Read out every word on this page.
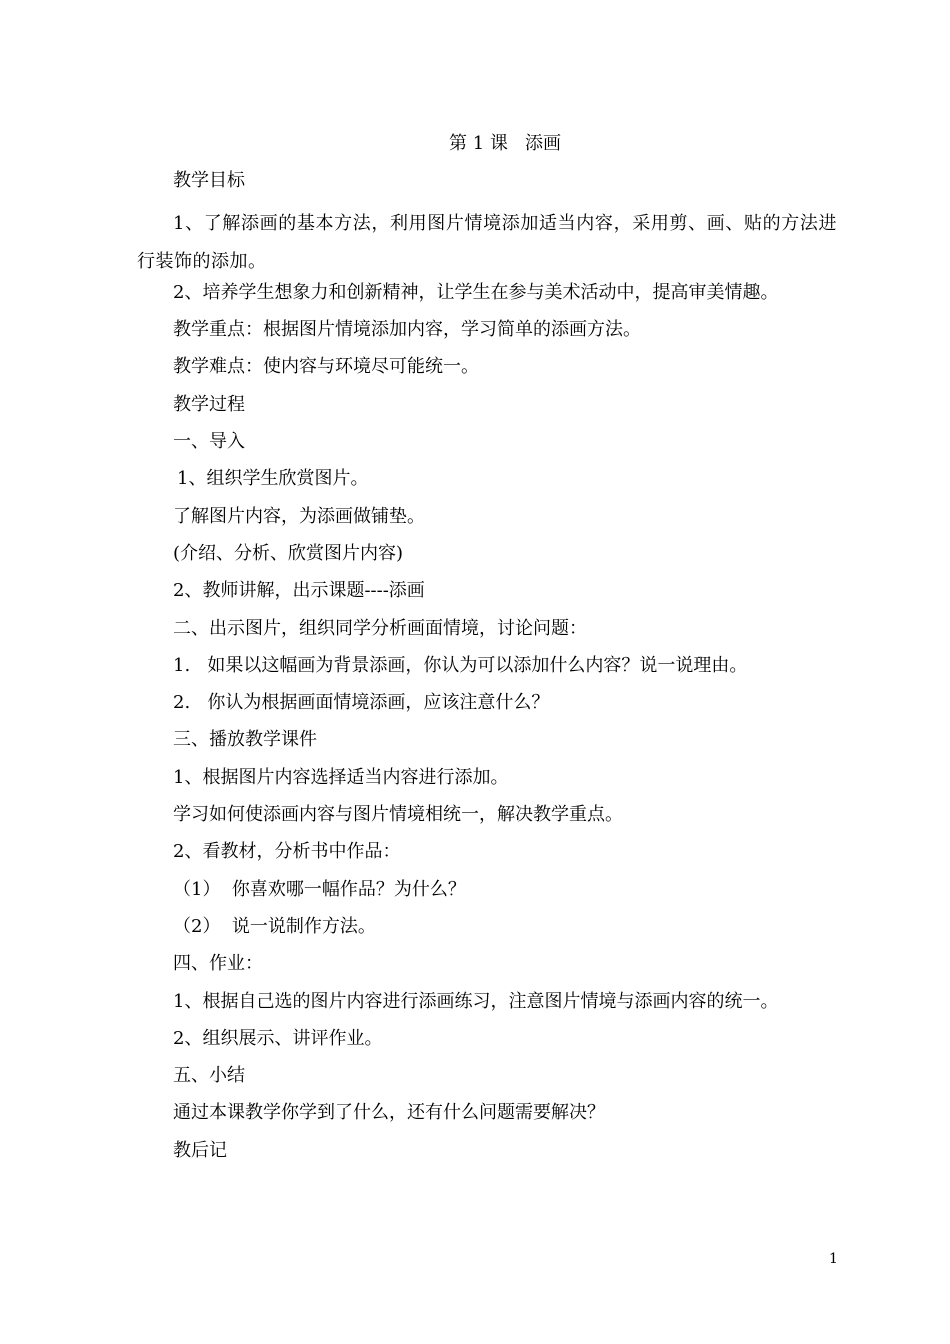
第 1 课   添画
教学目标
1、了解添画的基本方法，利用图片情境添加适当内容，采用剪、画、贴的方法进行装饰的添加。
2、培养学生想象力和创新精神，让学生在参与美术活动中，提高审美情趣。
教学重点：根据图片情境添加内容，学习简单的添画方法。
教学难点：使内容与环境尽可能统一。
教学过程
一、导入
1、组织学生欣赏图片。
了解图片内容，为添画做铺垫。
(介绍、分析、欣赏图片内容)
2、教师讲解，出示课题----添画
二、出示图片，组织同学分析画面情境，讨论问题：
1.   如果以这幅画为背景添画，你认为可以添加什么内容？说一说理由。
2.   你认为根据画面情境添画，应该注意什么？
三、播放教学课件
1、根据图片内容选择适当内容进行添加。
学习如何使添画内容与图片情境相统一，解决教学重点。
2、看教材，分析书中作品：
（1）  你喜欢哪一幅作品？为什么？
（2）  说一说制作方法。
四、作业：
1、根据自己选的图片内容进行添画练习，注意图片情境与添画内容的统一。
2、组织展示、讲评作业。
五、小结
通过本课教学你学到了什么，还有什么问题需要解决？
教后记
1
